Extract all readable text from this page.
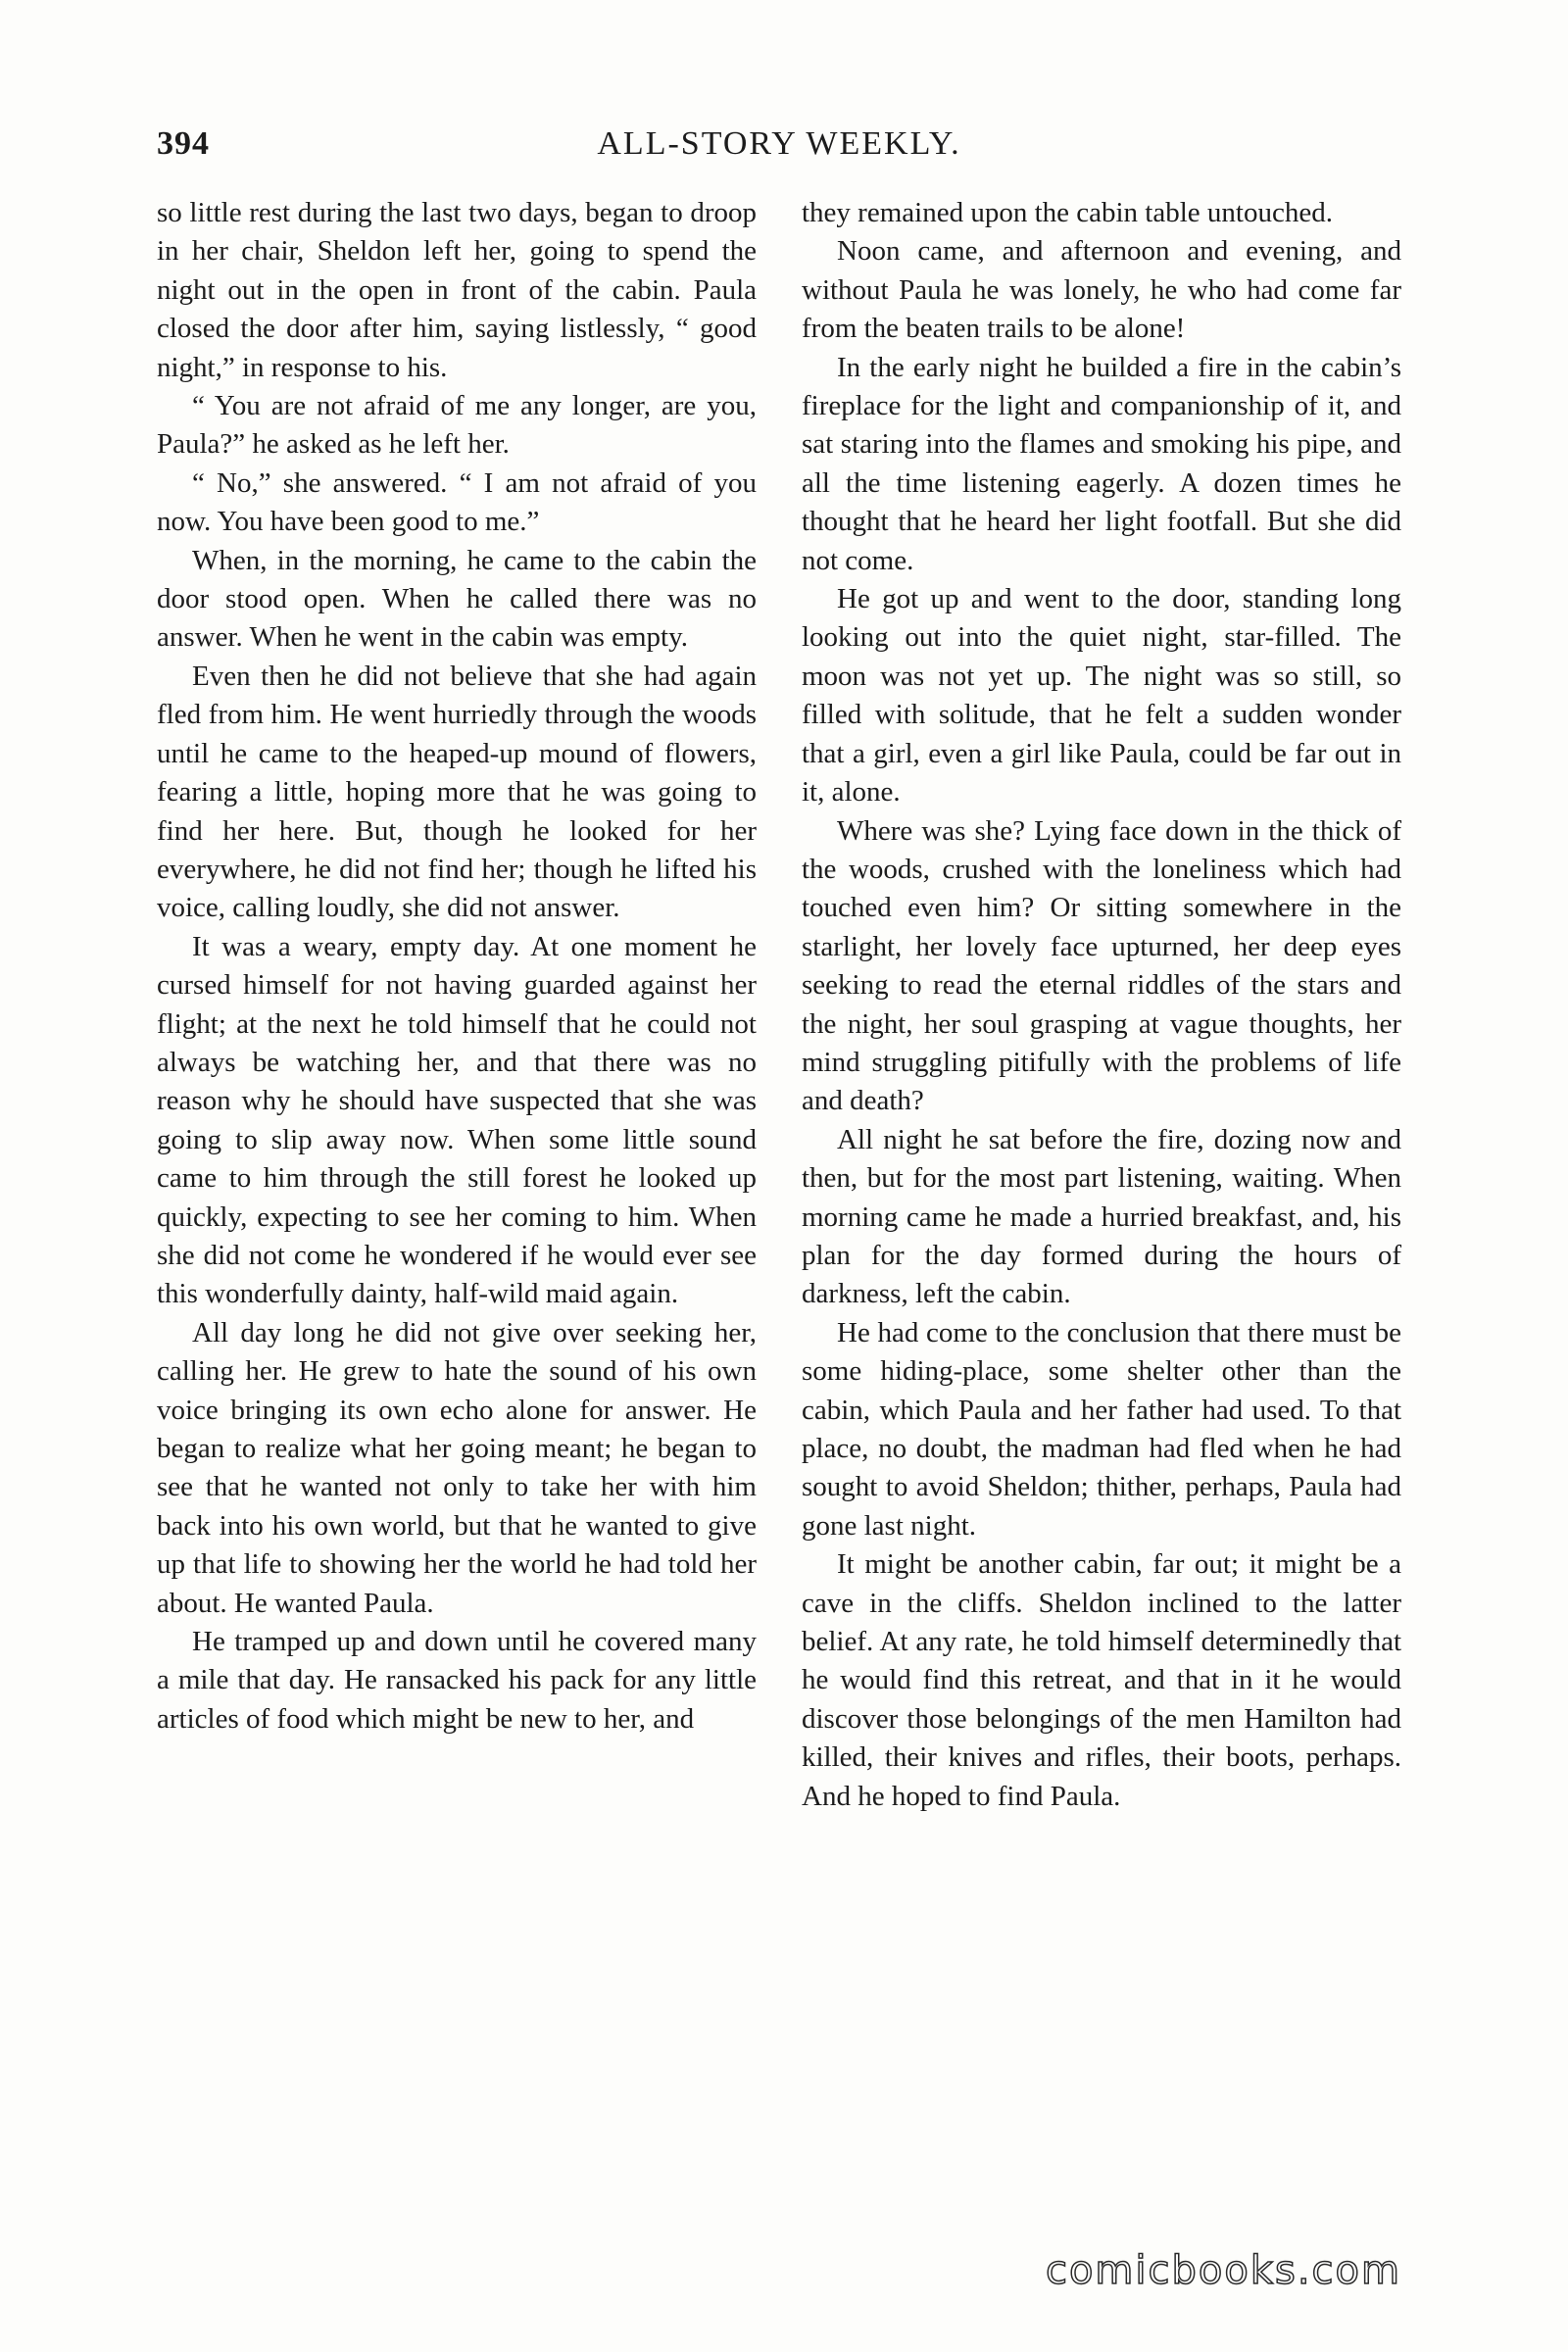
394	ALL-STORY WEEKLY.

so little rest during the last two days, began to droop in her chair, Sheldon left her, going to spend the night out in the open in front of the cabin. Paula closed the door after him, saying listlessly, “ good night,” in response to his.

“ You are not afraid of me any longer, are you, Paula?” he asked as he left her.

“ No,” she answered. “ I am not afraid of you now. You have been good to me.”

When, in the morning, he came to the cabin the door stood open. When he called there was no answer. When he went in the cabin was empty.

Even then he did not believe that she had again fled from him. He went hurriedly through the woods until he came to the heaped-up mound of flowers, fearing a little, hoping more that he was going to find her here. But, though he looked for her everywhere, he did not find her; though he lifted his voice, calling loudly, she did not answer.

It was a weary, empty day. At one moment he cursed himself for not having guarded against her flight; at the next he told himself that he could not always be watching her, and that there was no reason why he should have suspected that she was going to slip away now. When some little sound came to him through the still forest he looked up quickly, expecting to see her coming to him. When she did not come he wondered if he would ever see this wonderfully dainty, half-wild maid again.

All day long he did not give over seeking her, calling her. He grew to hate the sound of his own voice bringing its own echo alone for answer. He began to realize what her going meant; he began to see that he wanted not only to take her with him back into his own world, but that he wanted to give up that life to showing her the world he had told her about. He wanted Paula.

He tramped up and down until he covered many a mile that day. He ransacked his pack for any little articles of food which might be new to her, and

they remained upon the cabin table untouched.

Noon came, and afternoon and evening, and without Paula he was lonely, he who had come far from the beaten trails to be alone!

In the early night he builded a fire in the cabin’s fireplace for the light and companionship of it, and sat staring into the flames and smoking his pipe, and all the time listening eagerly. A dozen times he thought that he heard her light footfall. But she did not come.

He got up and went to the door, standing long looking out into the quiet night, star-filled. The moon was not yet up. The night was so still, so filled with solitude, that he felt a sudden wonder that a girl, even a girl like Paula, could be far out in it, alone.

Where was she? Lying face down in the thick of the woods, crushed with the loneliness which had touched even him? Or sitting somewhere in the starlight, her lovely face upturned, her deep eyes seeking to read the eternal riddles of the stars and the night, her soul grasping at vague thoughts, her mind struggling pitifully with the problems of life and death?

All night he sat before the fire, dozing now and then, but for the most part listening, waiting. When morning came he made a hurried breakfast, and, his plan for the day formed during the hours of darkness, left the cabin.

He had come to the conclusion that there must be some hiding-place, some shelter other than the cabin, which Paula and her father had used. To that place, no doubt, the madman had fled when he had sought to avoid Sheldon; thither, perhaps, Paula had gone last night.

It might be another cabin, far out; it might be a cave in the cliffs. Sheldon inclined to the latter belief. At any rate, he told himself determinedly that he would find this retreat, and that in it he would discover those belongings of the men Hamilton had killed, their knives and rifles, their boots, perhaps. And he hoped to find Paula.

comicbooks.com
